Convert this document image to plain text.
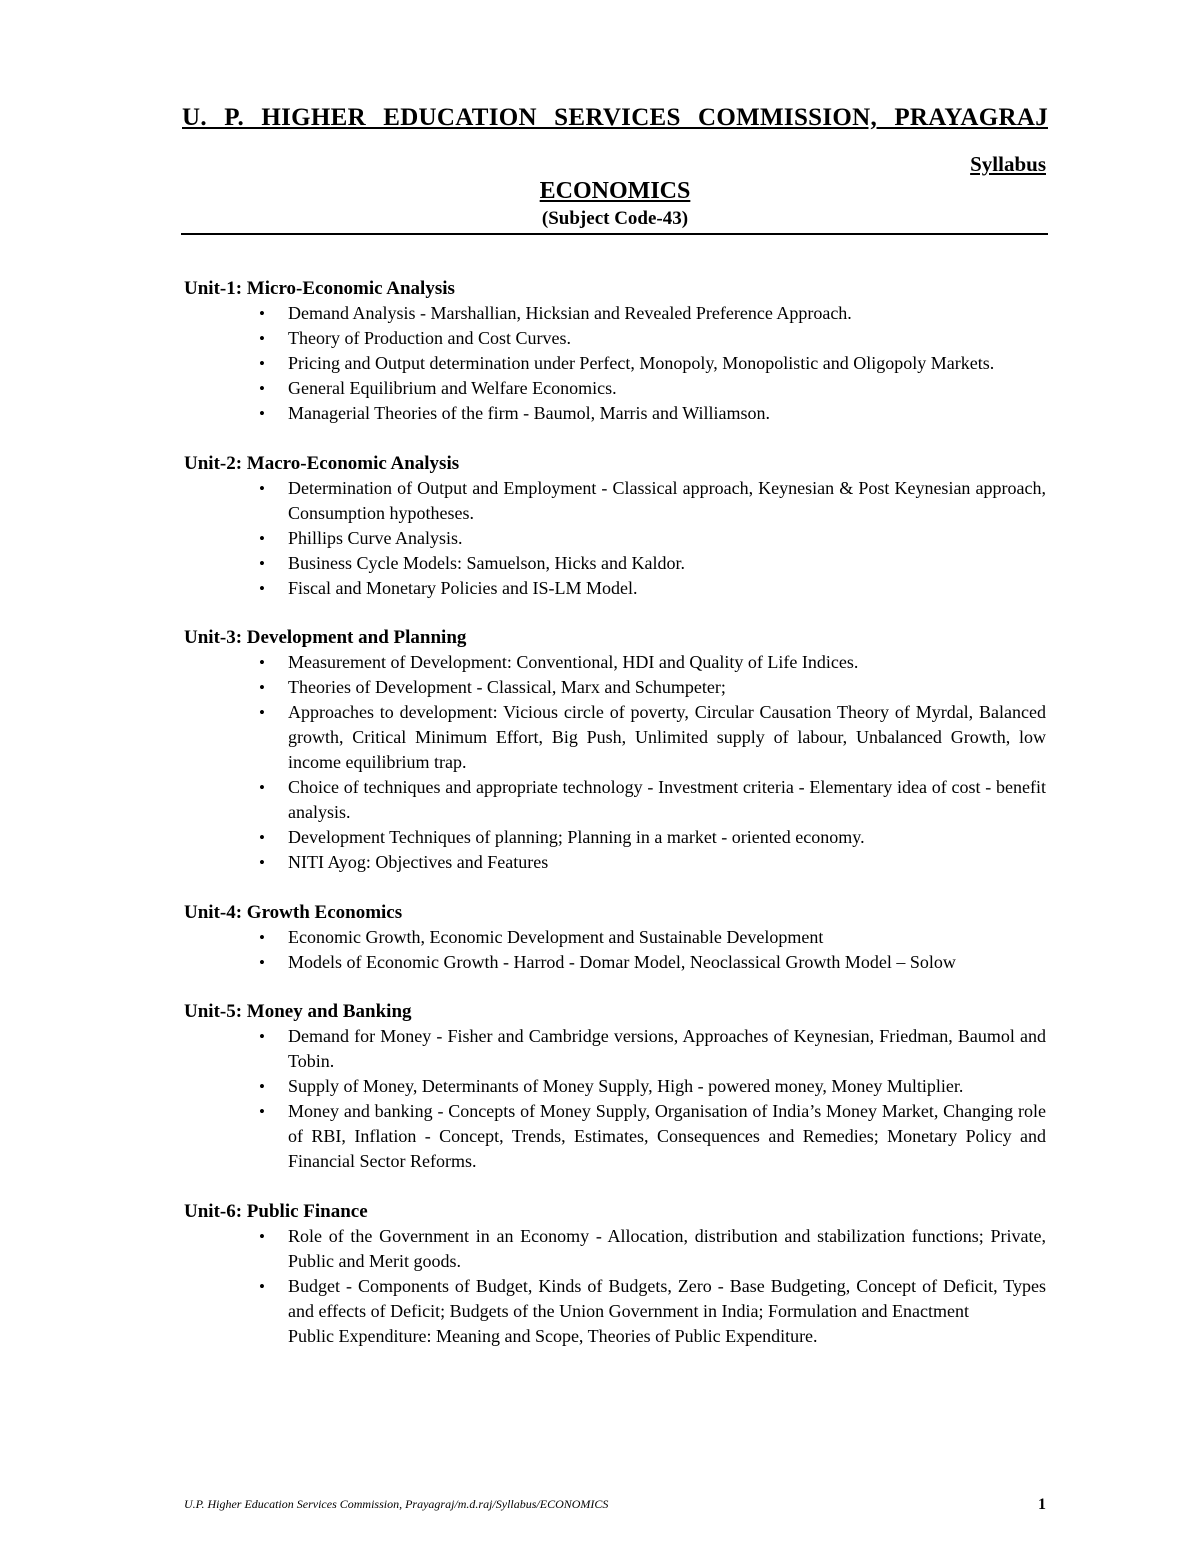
U. P. HIGHER EDUCATION SERVICES COMMISSION, PRAYAGRAJ
Syllabus
ECONOMICS
(Subject Code-43)
Unit-1: Micro-Economic Analysis
• Demand Analysis - Marshallian, Hicksian and Revealed Preference Approach.
• Theory of Production and Cost Curves.
• Pricing and Output determination under Perfect, Monopoly, Monopolistic and Oligopoly Markets.
• General Equilibrium and Welfare Economics.
• Managerial Theories of the firm - Baumol, Marris and Williamson.
Unit-2: Macro-Economic Analysis
• Determination of Output and Employment - Classical approach, Keynesian & Post Keynesian approach, Consumption hypotheses.
• Phillips Curve Analysis.
• Business Cycle Models: Samuelson, Hicks and Kaldor.
• Fiscal and Monetary Policies and IS-LM Model.
Unit-3: Development and Planning
• Measurement of Development: Conventional, HDI and Quality of Life Indices.
• Theories of Development - Classical, Marx and Schumpeter;
• Approaches to development: Vicious circle of poverty, Circular Causation Theory of Myrdal, Balanced growth, Critical Minimum Effort, Big Push, Unlimited supply of labour, Unbalanced Growth, low income equilibrium trap.
• Choice of techniques and appropriate technology - Investment criteria - Elementary idea of cost - benefit analysis.
• Development Techniques of planning; Planning in a market - oriented economy.
• NITI Ayog: Objectives and Features
Unit-4: Growth Economics
• Economic Growth, Economic Development and Sustainable Development
• Models of Economic Growth - Harrod - Domar Model, Neoclassical Growth Model – Solow
Unit-5: Money and Banking
• Demand for Money - Fisher and Cambridge versions, Approaches of Keynesian, Friedman, Baumol and Tobin.
• Supply of Money, Determinants of Money Supply, High - powered money, Money Multiplier.
• Money and banking - Concepts of Money Supply, Organisation of India’s Money Market, Changing role of RBI, Inflation - Concept, Trends, Estimates, Consequences and Remedies; Monetary Policy and Financial Sector Reforms.
Unit-6: Public Finance
• Role of the Government in an Economy - Allocation, distribution and stabilization functions; Private, Public and Merit goods.
• Budget - Components of Budget, Kinds of Budgets, Zero - Base Budgeting, Concept of Deficit, Types and effects of Deficit; Budgets of the Union Government in India; Formulation and Enactment
Public Expenditure: Meaning and Scope, Theories of Public Expenditure.
U.P. Higher Education Services Commission, Prayagraj/m.d.raj/Syllabus/ECONOMICS	1
